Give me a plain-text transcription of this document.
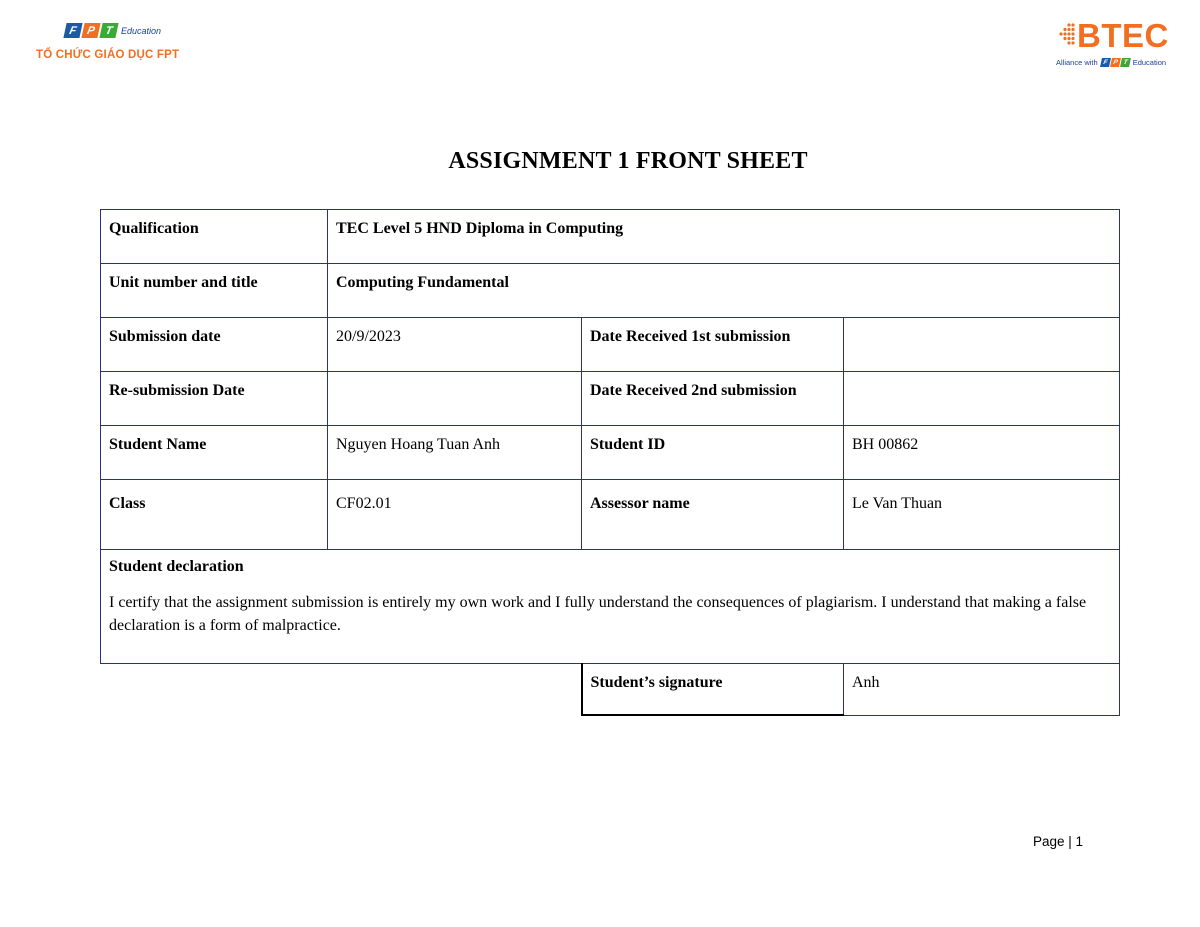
F P T Education
TỔ CHỨC GIÁO DỤC FPT
BTEC
Alliance with F P T Education
ASSIGNMENT 1 FRONT SHEET
Qualification	TEC Level 5 HND Diploma in Computing		
Unit number and title	Computing Fundamental		
Submission date	20/9/2023	Date Received 1st submission	
Re-submission Date		Date Received 2nd submission	
Student Name	Nguyen Hoang Tuan Anh	Student ID	BH 00862
Class	CF02.01	Assessor name	Le Van Thuan

Student declaration
I certify that the assignment submission is entirely my own work and I fully understand the consequences of plagiarism. I understand that making a false declaration is a form of malpractice.			

		Student’s signature	Anh
Page | 1
